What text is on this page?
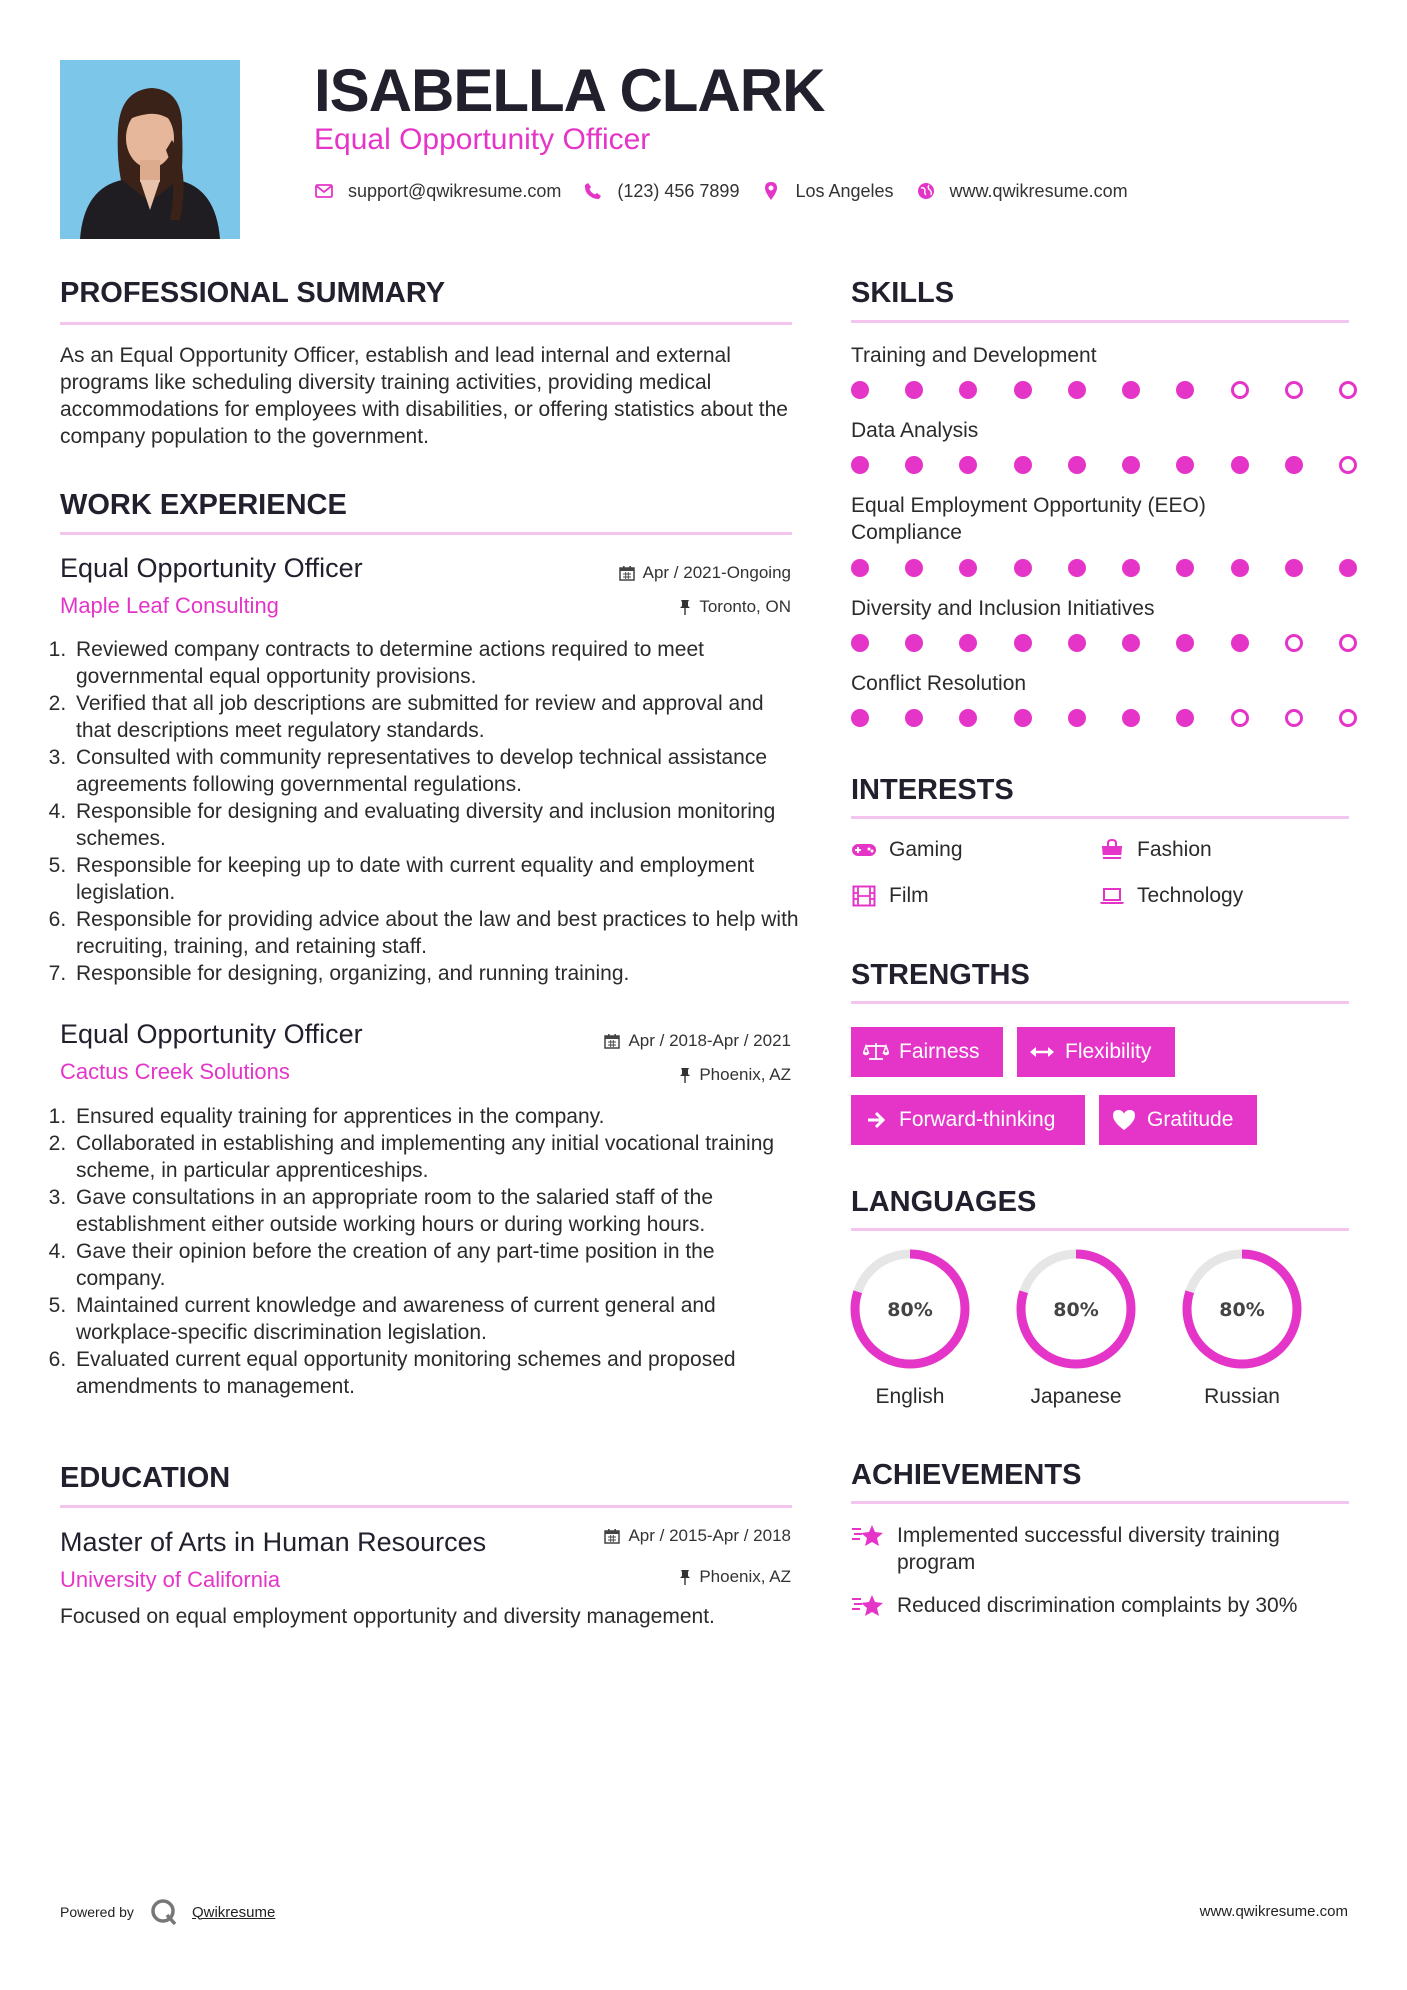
ISABELLA CLARK
Equal Opportunity Officer
support@qwikresume.com	(123) 456 7899	Los Angeles	www.qwikresume.com
PROFESSIONAL SUMMARY
As an Equal Opportunity Officer, establish and lead internal and external programs like scheduling diversity training activities, providing medical accommodations for employees with disabilities, or offering statistics about the company population to the government.
WORK EXPERIENCE
Equal Opportunity Officer
Maple Leaf Consulting
Apr / 2021-Ongoing
Toronto, ON
1. Reviewed company contracts to determine actions required to meet governmental equal opportunity provisions.
2. Verified that all job descriptions are submitted for review and approval and that descriptions meet regulatory standards.
3. Consulted with community representatives to develop technical assistance agreements following governmental regulations.
4. Responsible for designing and evaluating diversity and inclusion monitoring schemes.
5. Responsible for keeping up to date with current equality and employment legislation.
6. Responsible for providing advice about the law and best practices to help with recruiting, training, and retaining staff.
7. Responsible for designing, organizing, and running training.
Equal Opportunity Officer
Cactus Creek Solutions
Apr / 2018-Apr / 2021
Phoenix, AZ
1. Ensured equality training for apprentices in the company.
2. Collaborated in establishing and implementing any initial vocational training scheme, in particular apprenticeships.
3. Gave consultations in an appropriate room to the salaried staff of the establishment either outside working hours or during working hours.
4. Gave their opinion before the creation of any part-time position in the company.
5. Maintained current knowledge and awareness of current general and workplace-specific discrimination legislation.
6. Evaluated current equal opportunity monitoring schemes and proposed amendments to management.
EDUCATION
Master of Arts in Human Resources
University of California
Apr / 2015-Apr / 2018
Phoenix, AZ
Focused on equal employment opportunity and diversity management.
SKILLS
Training and Development
Data Analysis
Equal Employment Opportunity (EEO) Compliance
Diversity and Inclusion Initiatives
Conflict Resolution
INTERESTS
Gaming	Fashion
Film	Technology
STRENGTHS
Fairness	Flexibility
Forward-thinking	Gratitude
LANGUAGES
80%
English
80%
Japanese
80%
Russian
ACHIEVEMENTS
Implemented successful diversity training program
Reduced discrimination complaints by 30%
Powered by	Qwikresume	www.qwikresume.com
